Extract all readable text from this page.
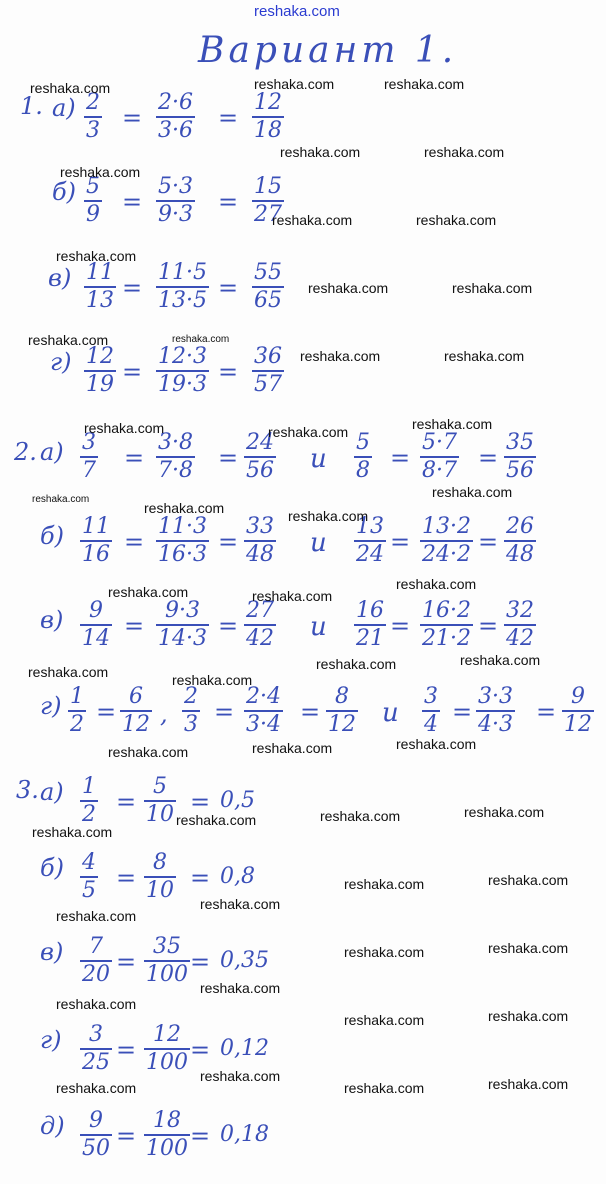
reshaka.com
Вариант 1.
1.
2.
3.
а) 2
3 =
2·6
3·6 =
12
18
б) 5
9 =
5·3
9·3 =
15
27
в) 11
13 =
11·5
13·5 =
55
65
г) 12
19 =
12·3
19·3 =
36
57
а) 3
7 =
3·8
7·8 =
24
56 и
5
8 =
5·7
8·7 =
35
56
б) 11
16 =
11·3
16·3 =
33
48 и
13
24 =
13·2
24·2 =
26
48
в)	9
14 =
9·3
14·3 =
27
42 и
16
21 =
16·2
21·2 =
32
42
г) 1
2 =
6
12 ,
2
3 =
2·4
3·4 =
8
12 и
3
4 =
3·3
4·3 =
9
12
а) 1
2 =
5
10 = 0,5
б) 4
5 =
8
10 = 0,8
в)	7
20 =
35
100 = 0,35
г)	3
25 =
12
100 = 0,12
д)	9
50 =
18
100 = 0,18
reshaka.com	reshaka.com	reshaka.com
reshaka.com	reshaka.com
reshaka.com
reshaka.com	reshaka.com
reshaka.com
reshaka.com	reshaka.com
reshaka.com
reshaka.com	reshaka.com
reshaka.com	reshaka.com	reshaka.com
reshaka.com
reshaka.com	reshaka.com
reshaka.com	reshaka.com
reshaka.com
reshaka.com	reshaka.com	reshaka.com
reshaka.com
reshaka.com	reshaka.com	reshaka.com
reshaka.com
reshaka.com	reshaka.com	reshaka.com
reshaka.com	reshaka.com
reshaka.com
reshaka.com
reshaka.com	reshaka.com
reshaka.com
reshaka.com
reshaka.com	reshaka.com
reshaka.com
reshaka.com
reshaka.com	reshaka.com
reshaka.com
reshaka.com
